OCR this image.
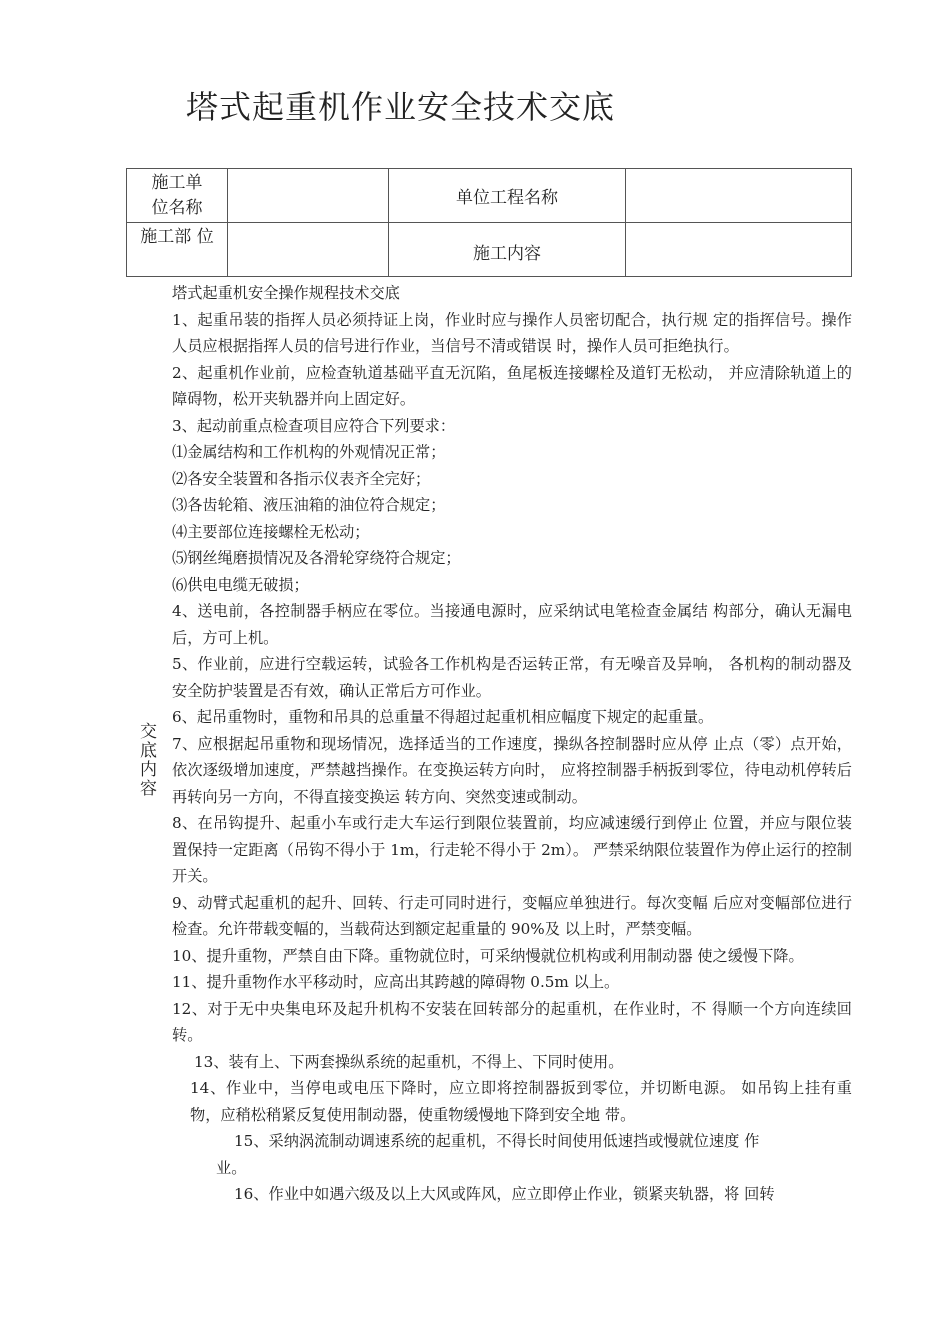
塔式起重机作业安全技术交底
施工单
位名称		单位工程名称	
施工部 位		施工内容	
交底内容

塔式起重机安全操作规程技术交底

1、起重吊装的指挥人员必须持证上岗，作业时应与操作人员密切配合，执行规 定的指挥信号。操作人员应根据指挥人员的信号进行作业，当信号不清或错误 时，操作人员可拒绝执行。

2、起重机作业前，应检查轨道基础平直无沉陷，鱼尾板连接螺栓及道钉无松动， 并应清除轨道上的障碍物，松开夹轨器并向上固定好。

3、起动前重点检查项目应符合下列要求：

⑴金属结构和工作机构的外观情况正常；

⑵各安全装置和各指示仪表齐全完好；

⑶各齿轮箱、液压油箱的油位符合规定；

⑷主要部位连接螺栓无松动；

⑸钢丝绳磨损情况及各滑轮穿绕符合规定；

⑹供电电缆无破损；

4、送电前，各控制器手柄应在零位。当接通电源时，应采纳试电笔检查金属结 构部分，确认无漏电后，方可上机。

5、作业前，应进行空载运转，试验各工作机构是否运转正常，有无噪音及异响， 各机构的制动器及安全防护装置是否有效，确认正常后方可作业。

6、起吊重物时，重物和吊具的总重量不得超过起重机相应幅度下规定的起重量。

7、应根据起吊重物和现场情况，选择适当的工作速度，操纵各控制器时应从停 止点（零）点开始，依次逐级增加速度，严禁越挡操作。在变换运转方向时， 应将控制器手柄扳到零位，待电动机停转后再转向另一方向，不得直接变换运 转方向、突然变速或制动。

8、在吊钩提升、起重小车或行走大车运行到限位装置前，均应减速缓行到停止 位置，并应与限位装置保持一定距离（吊钩不得小于 1m，行走轮不得小于 2m）。 严禁采纳限位装置作为停止运行的控制开关。

9、动臂式起重机的起升、回转、行走可同时进行，变幅应单独进行。每次变幅 后应对变幅部位进行检查。允许带载变幅的，当载荷达到额定起重量的 90%及 以上时，严禁变幅。

10、提升重物，严禁自由下降。重物就位时，可采纳慢就位机构或利用制动器 使之缓慢下降。

11、提升重物作水平移动时，应高出其跨越的障碍物 0.5m 以上。

12、对于无中央集电环及起升机构不安装在回转部分的起重机，在作业时，不 得顺一个方向连续回转。

13、装有上、下两套操纵系统的起重机，不得上、下同时使用。

14、作业中，当停电或电压下降时，应立即将控制器扳到零位，并切断电源。 如吊钩上挂有重物，应稍松稍紧反复使用制动器，使重物缓慢地下降到安全地 带。

15、采纳涡流制动调速系统的起重机，不得长时间使用低速挡或慢就位速度 作

业。

16、作业中如遇六级及以上大风或阵风，应立即停止作业，锁紧夹轨器，将 回转
